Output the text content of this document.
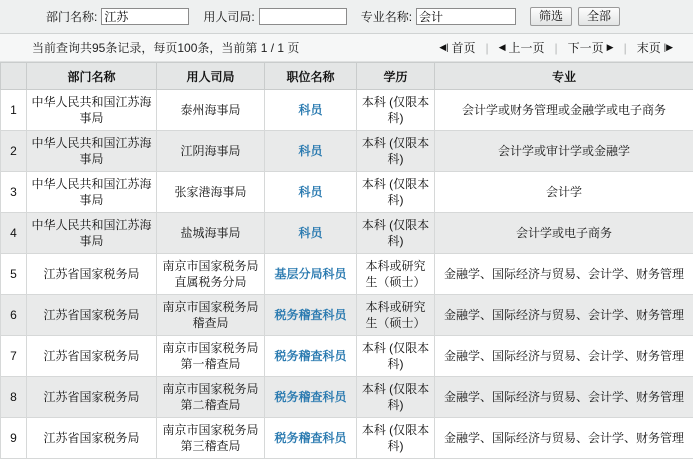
部门名称:
江苏	用人司局:	专业名称:
会计	筛选	全部
当前查询共95条记录，每页100条，当前第 1 / 1 页	◀| 首页 | ◀ 上一页 | 下一页 ▶ | 末页 |▶
	部门名称	用人司局	职位名称	学历	专业
1	中华人民共和国江苏海事局	泰州海事局	科员	本科 (仅限本科)	会计学或财务管理或金融学或电子商务
2	中华人民共和国江苏海事局	江阴海事局	科员	本科 (仅限本科)	会计学或审计学或金融学
3	中华人民共和国江苏海事局	张家港海事局	科员	本科 (仅限本科)	会计学
4	中华人民共和国江苏海事局	盐城海事局	科员	本科 (仅限本科)	会计学或电子商务
5	江苏省国家税务局	南京市国家税务局直属税务分局	基层分局科员	本科或研究生（硕士）	金融学、国际经济与贸易、会计学、财务管理
6	江苏省国家税务局	南京市国家税务局稽查局	税务稽查科员	本科或研究生（硕士）	金融学、国际经济与贸易、会计学、财务管理
7	江苏省国家税务局	南京市国家税务局第一稽查局	税务稽查科员	本科 (仅限本科)	金融学、国际经济与贸易、会计学、财务管理
8	江苏省国家税务局	南京市国家税务局第二稽查局	税务稽查科员	本科 (仅限本科)	金融学、国际经济与贸易、会计学、财务管理
9	江苏省国家税务局	南京市国家税务局第三稽查局	税务稽查科员	本科 (仅限本科)	金融学、国际经济与贸易、会计学、财务管理
